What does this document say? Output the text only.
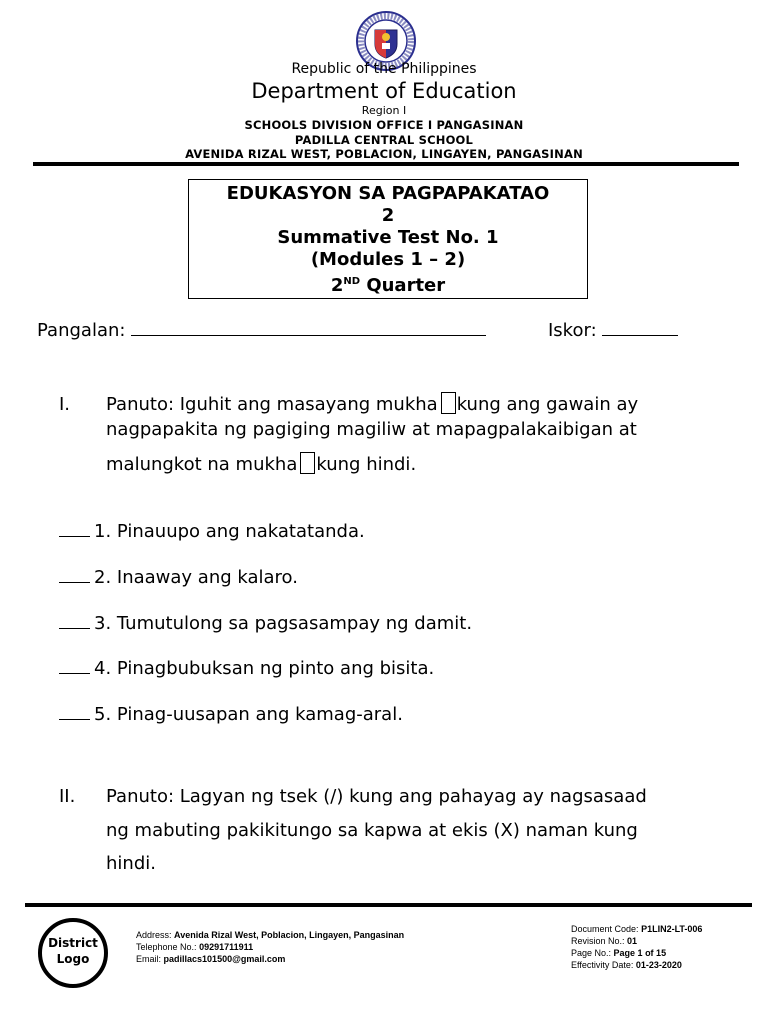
Republic of the Philippines
Department of Education
Region I
SCHOOLS DIVISION OFFICE I PANGASINAN
PADILLA CENTRAL SCHOOL
AVENIDA RIZAL WEST, POBLACION, LINGAYEN, PANGASINAN
EDUKASYON SA PAGPAPAKATAO
2
Summative Test No. 1
(Modules 1 – 2)
2ND Quarter
Pangalan:	Iskor:
I. Panuto: Iguhit ang masayang mukha kung ang gawain ay
nagpapakita ng pagiging magiliw at mapagpalakaibigan at
malungkot na mukha kung hindi.
1. Pinauupo ang nakatatanda.
2. Inaaway ang kalaro.
3. Tumutulong sa pagsasampay ng damit.
4. Pinagbubuksan ng pinto ang bisita.
5. Pinag-uusapan ang kamag-aral.
II. Panuto: Lagyan ng tsek (/) kung ang pahayag ay nagsasaad
ng mabuting pakikitungo sa kapwa at ekis (X) naman kung
hindi.
District
Logo
Address: Avenida Rizal West, Poblacion, Lingayen, Pangasinan
Telephone No.: 09291711911
Email: padillacs101500@gmail.com
Document Code: P1LIN2-LT-006
Revision No.: 01
Page No.: Page 1 of 15
Effectivity Date: 01-23-2020
